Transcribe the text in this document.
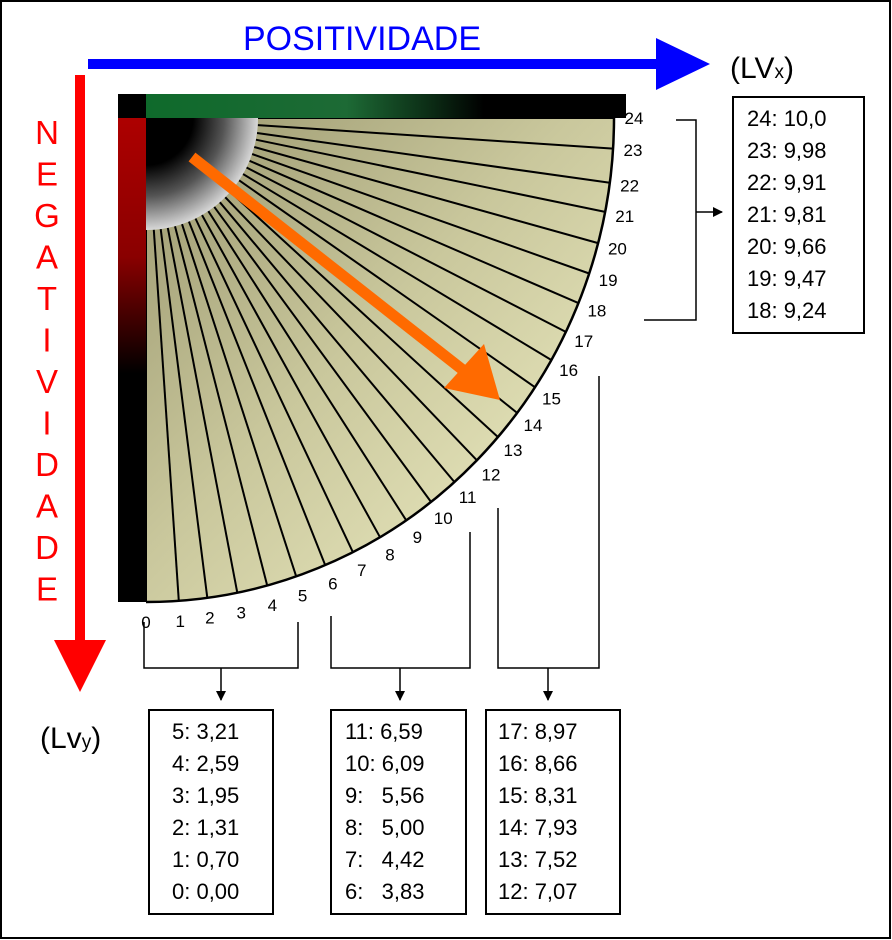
POSITIVIDADE
N
E
G
A
T
I
V
I
D
A
D
E
(LVx)
(Lvy)
0 1 2 3 4 5
6
7
8
9
10
11
12
13
14
15
16
17
18
19
20
21
22
23
24	24: 10,0
23: 9,98
22: 9,91
21: 9,81
20: 9,66
19: 9,47
18: 9,24
5: 3,21
4: 2,59
3: 1,95
2: 1,31
1: 0,70
0: 0,00
11: 6,59
10: 6,09
9:   5,56
8:   5,00
7:   4,42
6:   3,83
17: 8,97
16: 8,66
15: 8,31
14: 7,93
13: 7,52
12: 7,07
